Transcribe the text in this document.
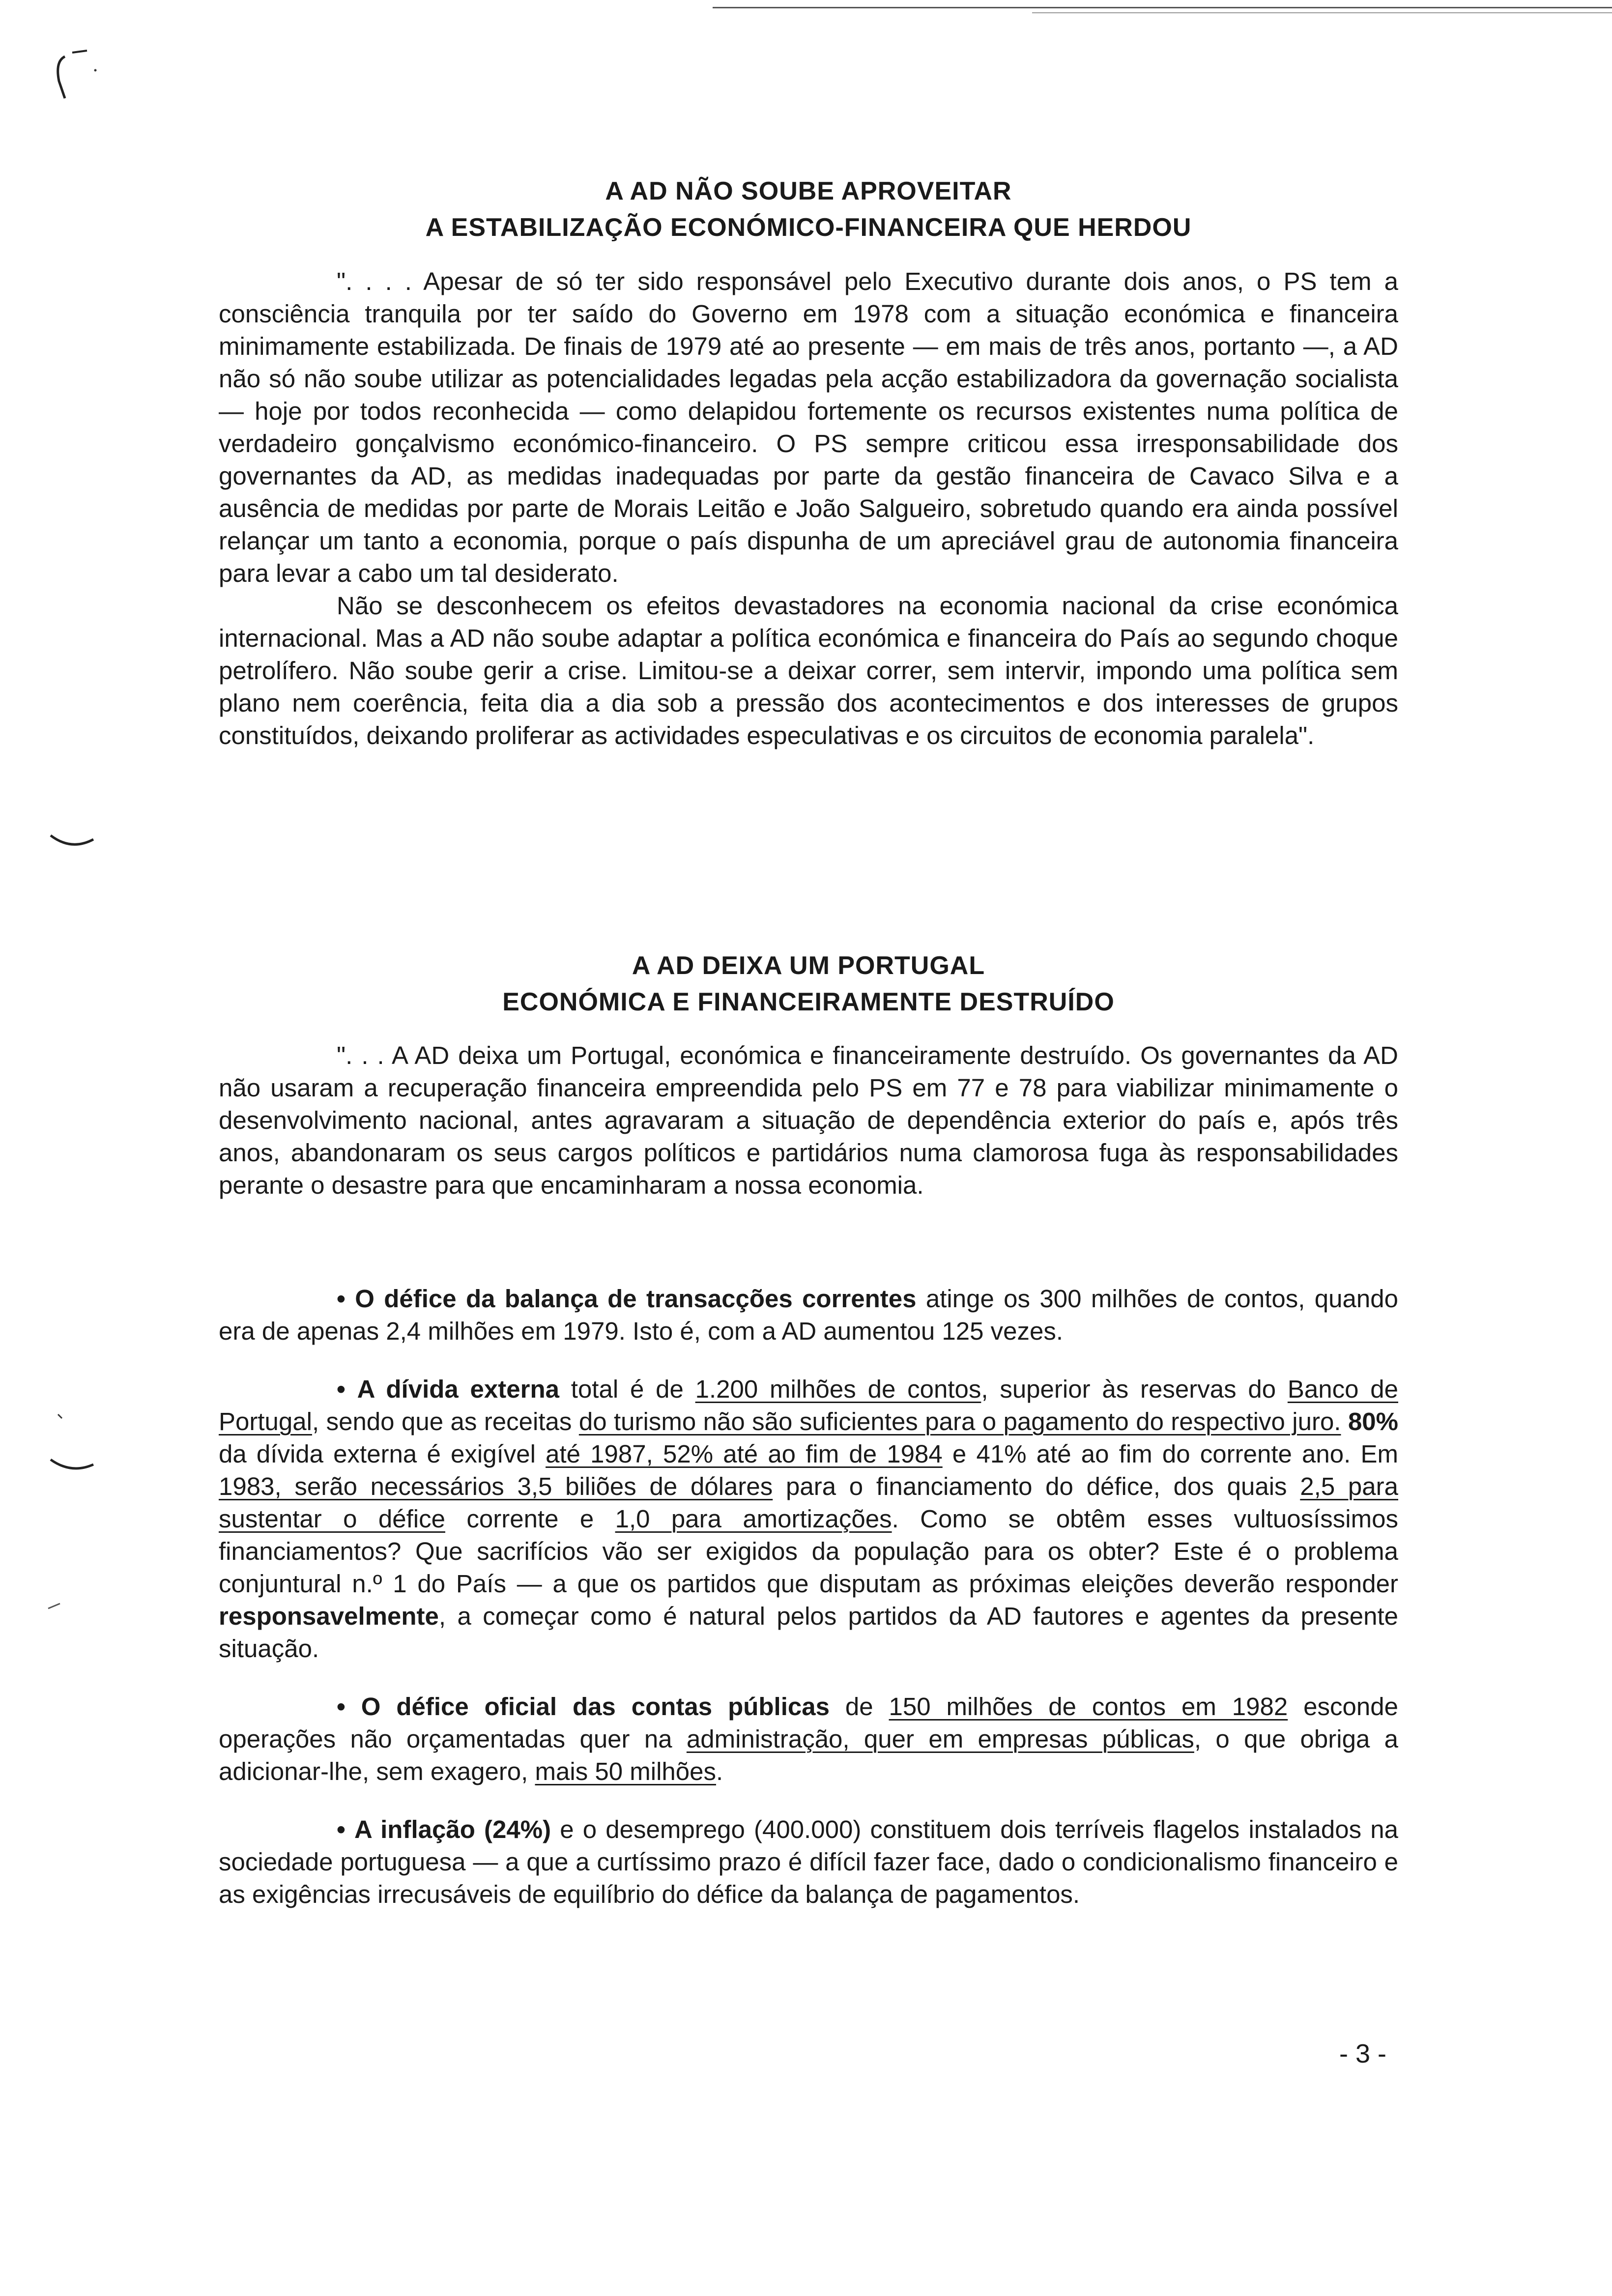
A AD NÃO SOUBE APROVEITAR
A ESTABILIZAÇÃO ECONÓMICO-FINANCEIRA QUE HERDOU

". . . . Apesar de só ter sido responsável pelo Executivo durante dois anos, o PS tem a consciência tranquila por ter saído do Governo em 1978 com a situação económica e financeira minimamente estabilizada. De finais de 1979 até ao presente — em mais de três anos, portanto —, a AD não só não soube utilizar as potencialidades legadas pela acção estabilizadora da governação socialista — hoje por todos reconhecida — como delapidou fortemente os recursos existentes numa política de verdadeiro gonçalvismo económico-financeiro. O PS sempre criticou essa irresponsabilidade dos governantes da AD, as medidas inadequadas por parte da gestão financeira de Cavaco Silva e a ausência de medidas por parte de Morais Leitão e João Salgueiro, sobretudo quando era ainda possível relançar um tanto a economia, porque o país dispunha de um apreciável grau de autonomia financeira para levar a cabo um tal desiderato.

Não se desconhecem os efeitos devastadores na economia nacional da crise económica internacional. Mas a AD não soube adaptar a política económica e financeira do País ao segundo choque petrolífero. Não soube gerir a crise. Limitou-se a deixar correr, sem intervir, impondo uma política sem plano nem coerência, feita dia a dia sob a pressão dos acontecimentos e dos interesses de grupos constituídos, deixando proliferar as actividades especulativas e os circuitos de economia paralela".

A AD DEIXA UM PORTUGAL
ECONÓMICA E FINANCEIRAMENTE DESTRUÍDO

". . . A AD deixa um Portugal, económica e financeiramente destruído. Os governantes da AD não usaram a recuperação financeira empreendida pelo PS em 77 e 78 para viabilizar minimamente o desenvolvimento nacional, antes agravaram a situação de dependência exterior do país e, após três anos, abandonaram os seus cargos políticos e partidários numa clamorosa fuga às responsabilidades perante o desastre para que encaminharam a nossa economia.

• O défice da balança de transacções correntes atinge os 300 milhões de contos, quando era de apenas 2,4 milhões em 1979. Isto é, com a AD aumentou 125 vezes.

• A dívida externa total é de 1.200 milhões de contos, superior às reservas do Banco de Portugal, sendo que as receitas do turismo não são suficientes para o pagamento do respectivo juro. 80% da dívida externa é exigível até 1987, 52% até ao fim de 1984 e 41% até ao fim do corrente ano. Em 1983, serão necessários 3,5 biliões de dólares para o financiamento do défice, dos quais 2,5 para sustentar o défice corrente e 1,0 para amortizações. Como se obtêm esses vultuosíssimos financiamentos? Que sacrifícios vão ser exigidos da população para os obter? Este é o problema conjuntural n.º 1 do País — a que os partidos que disputam as próximas eleições deverão responder responsavelmente, a começar como é natural pelos partidos da AD fautores e agentes da presente situação.

• O défice oficial das contas públicas de 150 milhões de contos em 1982 esconde operações não orçamentadas quer na administração, quer em empresas públicas, o que obriga a adicionar-lhe, sem exagero, mais 50 milhões.

• A inflação (24%) e o desemprego (400.000) constituem dois terríveis flagelos instalados na sociedade portuguesa — a que a curtíssimo prazo é difícil fazer face, dado o condicionalismo financeiro e as exigências irrecusáveis de equilíbrio do défice da balança de pagamentos.

- 3 -
